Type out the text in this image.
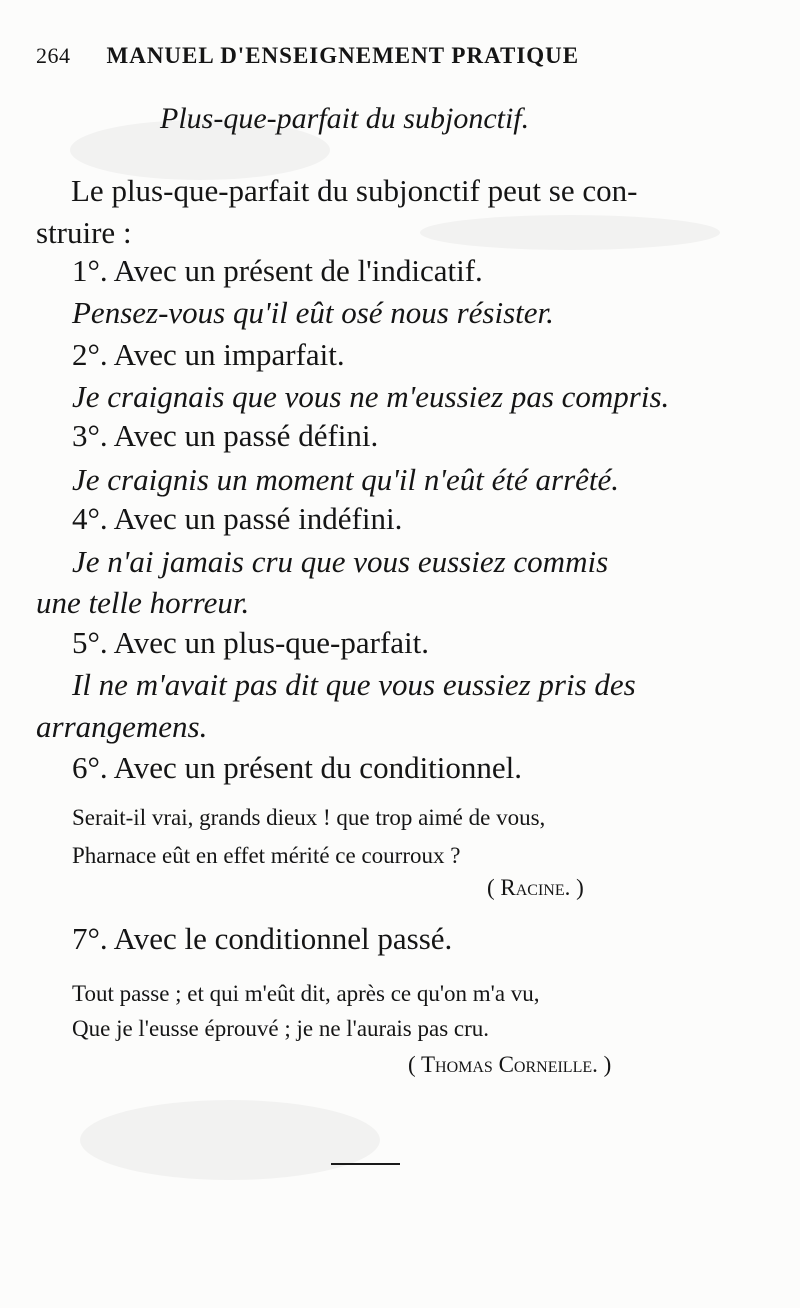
264 MANUEL D'ENSEIGNEMENT PRATIQUE
Plus-que-parfait du subjonctif.
Le plus-que-parfait du subjonctif peut se con-
struire :
1°. Avec un présent de l'indicatif.
Pensez-vous qu'il eût osé nous résister.
2°. Avec un imparfait.
Je craignais que vous ne m'eussiez pas compris.
3°. Avec un passé défini.
Je craignis un moment qu'il n'eût été arrêté.
4°. Avec un passé indéfini.
Je n'ai jamais cru que vous eussiez commis
une telle horreur.
5°. Avec un plus-que-parfait.
Il ne m'avait pas dit que vous eussiez pris des
arrangemens.
6°. Avec un présent du conditionnel.
Serait-il vrai, grands dieux ! que trop aimé de vous,
Pharnace eût en effet mérité ce courroux ?
( Racine. )
7°. Avec le conditionnel passé.
Tout passe ; et qui m'eût dit, après ce qu'on m'a vu,
Que je l'eusse éprouvé ; je ne l'aurais pas cru.
( Thomas Corneille. )
